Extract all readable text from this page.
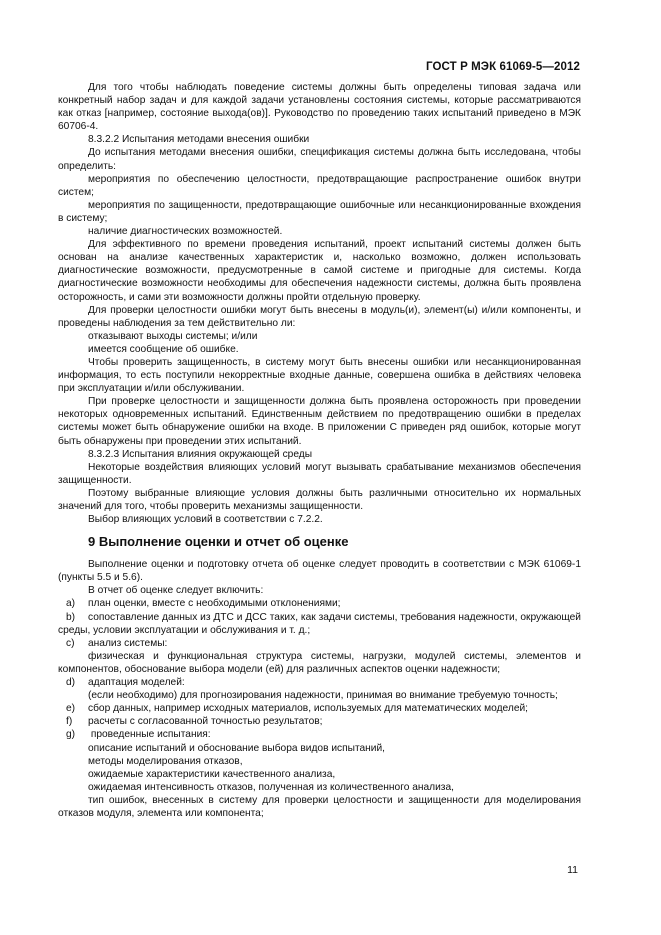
ГОСТ Р МЭК 61069-5—2012

Для того чтобы наблюдать поведение системы должны быть определены типовая задача или конкретный набор задач и для каждой задачи установлены состояния системы, которые рассматриваются как отказ [например, состояние выхода(ов)]. Руководство по проведению таких испытаний приведено в МЭК 60706-4.

8.3.2.2 Испытания методами внесения ошибки

До испытания методами внесения ошибки, спецификация системы должна быть исследована, чтобы определить:

мероприятия по обеспечению целостности, предотвращающие распространение ошибок внутри систем;

мероприятия по защищенности, предотвращающие ошибочные или несанкционированные вхождения в систему;

наличие диагностических возможностей.

Для эффективного по времени проведения испытаний, проект испытаний системы должен быть основан на анализе качественных характеристик и, насколько возможно, должен использовать диагностические возможности, предусмотренные в самой системе и пригодные для системы. Когда диагностические возможности необходимы для обеспечения надежности системы, должна быть проявлена осторожность, и сами эти возможности должны пройти отдельную проверку.

Для проверки целостности ошибки могут быть внесены в модуль(и), элемент(ы) и/или компоненты, и проведены наблюдения за тем действительно ли:

отказывают выходы системы; и/или

имеется сообщение об ошибке.

Чтобы проверить защищенность, в систему могут быть внесены ошибки или несанкционированная информация, то есть поступили некорректные входные данные, совершена ошибка в действиях человека при эксплуатации и/или обслуживании.

При проверке целостности и защищенности должна быть проявлена осторожность при проведении некоторых одновременных испытаний. Единственным действием по предотвращению ошибки в пределах системы может быть обнаружение ошибки на входе. В приложении С приведен ряд ошибок, которые могут быть обнаружены при проведении этих испытаний.

8.3.2.3 Испытания влияния окружающей среды

Некоторые воздействия влияющих условий могут вызывать срабатывание механизмов обеспечения защищенности.

Поэтому выбранные влияющие условия должны быть различными относительно их нормальных значений для того, чтобы проверить механизмы защищенности.

Выбор влияющих условий в соответствии с 7.2.2.

9 Выполнение оценки и отчет об оценке

Выполнение оценки и подготовку отчета об оценке следует проводить в соответствии с МЭК 61069-1 (пункты 5.5 и 5.6).

В отчет об оценке следует включить:

a) план оценки, вместе с необходимыми отклонениями;

b) сопоставление данных из ДТС и ДСС таких, как задачи системы, требования надежности, окружающей среды, условии эксплуатации и обслуживания и т. д.;

c) анализ системы:

физическая и функциональная структура системы, нагрузки, модулей системы, элементов и компонентов, обоснование выбора модели (ей) для различных аспектов оценки надежности;

d) адаптация моделей:

(если необходимо) для прогнозирования надежности, принимая во внимание требуемую точность;

e) сбор данных, например исходных материалов, используемых для математических моделей;

f) расчеты с согласованной точностью результатов;

g) проведенные испытания:

описание испытаний и обоснование выбора видов испытаний,

методы моделирования отказов,

ожидаемые характеристики качественного анализа,

ожидаемая интенсивность отказов, полученная из количественного анализа,

тип ошибок, внесенных в систему для проверки целостности и защищенности для моделирования отказов модуля, элемента или компонента;

11
